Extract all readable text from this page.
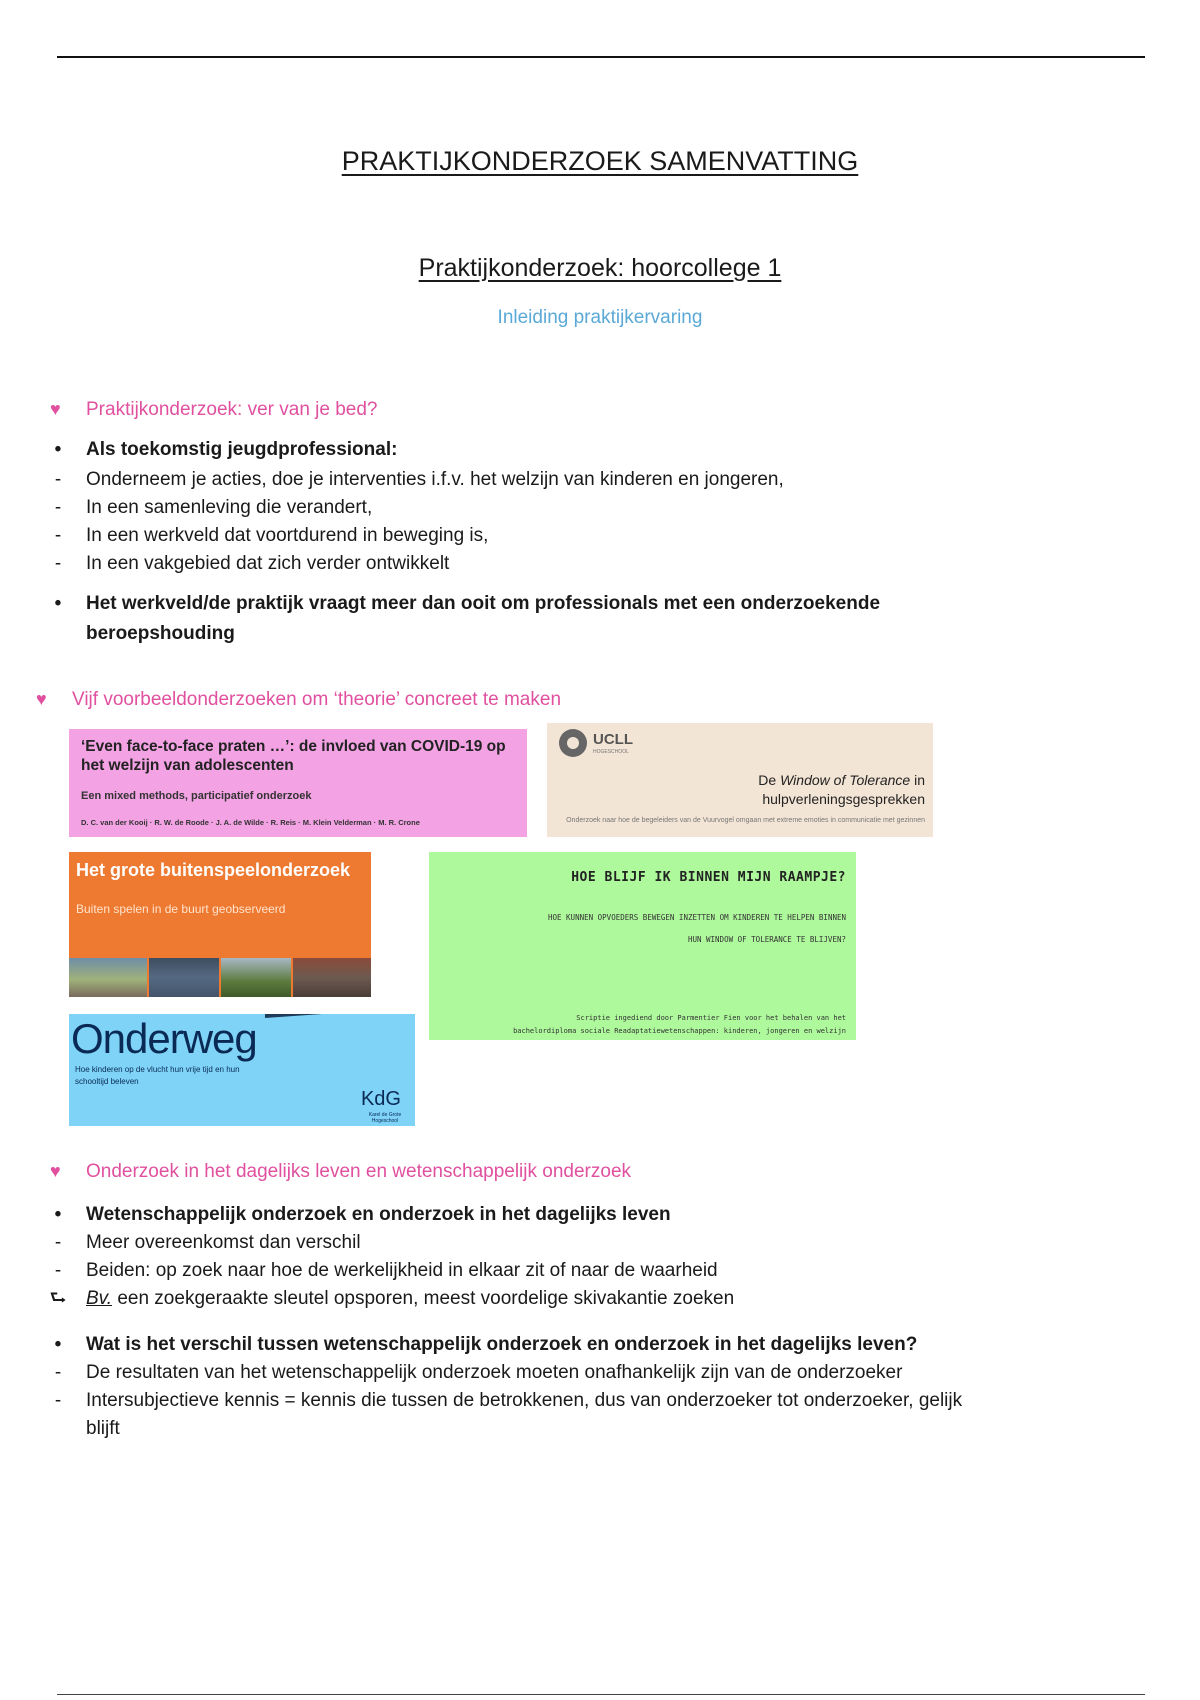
PRAKTIJKONDERZOEK SAMENVATTING
Praktijkonderzoek: hoorcollege 1
Inleiding praktijkervaring
♥ Praktijkonderzoek: ver van je bed?
•	Als toekomstig jeugdprofessional:
-	Onderneem je acties, doe je interventies i.f.v. het welzijn van kinderen en jongeren,
-	In een samenleving die verandert,
-	In een werkveld dat voortdurend in beweging is,
-	In een vakgebied dat zich verder ontwikkelt
•	Het werkveld/de praktijk vraagt meer dan ooit om professionals met een onderzoekende
beroepshouding
♥ Vijf voorbeeldonderzoeken om ‘theorie’ concreet te maken
‘Even face-to-face praten …’: de invloed van COVID-19 op het welzijn van adolescenten
Een mixed methods, participatief onderzoek
D. C. van der Kooij · R. W. de Roode · J. A. de Wilde · R. Reis · M. Klein Velderman · M. R. Crone
UCLL
HOGESCHOOL
De Window of Tolerance in hulpverleningsgesprekken
Onderzoek naar hoe de begeleiders van de Vuurvogel omgaan met extreme emoties in communicatie met gezinnen
Het grote buitenspeelonderzoek
Buiten spelen in de buurt geobserveerd
HOE BLIJF IK BINNEN MIJN RAAMPJE?
HOE KUNNEN OPVOEDERS BEWEGEN INZETTEN OM KINDEREN TE HELPEN BINNEN
HUN WINDOW OF TOLERANCE TE BLIJVEN?
Scriptie ingediend door Parmentier Fien voor het behalen van het
bachelordiploma sociale Readaptatiewetenschappen: kinderen, jongeren en welzijn
Onderweg
Hoe kinderen op de vlucht hun vrije tijd en hun schooltijd beleven
KdG
Karel de Grote Hogeschool
♥ Onderzoek in het dagelijks leven en wetenschappelijk onderzoek
•	Wetenschappelijk onderzoek en onderzoek in het dagelijks leven
-	Meer overeenkomst dan verschil
-	Beiden: op zoek naar hoe de werkelijkheid in elkaar zit of naar de waarheid
⮑ Bv. een zoekgeraakte sleutel opsporen, meest voordelige skivakantie zoeken
•	Wat is het verschil tussen wetenschappelijk onderzoek en onderzoek in het dagelijks leven?
-	De resultaten van het wetenschappelijk onderzoek moeten onafhankelijk zijn van de onderzoeker
-	Intersubjectieve kennis = kennis die tussen de betrokkenen, dus van onderzoeker tot onderzoeker, gelijk
blijft
